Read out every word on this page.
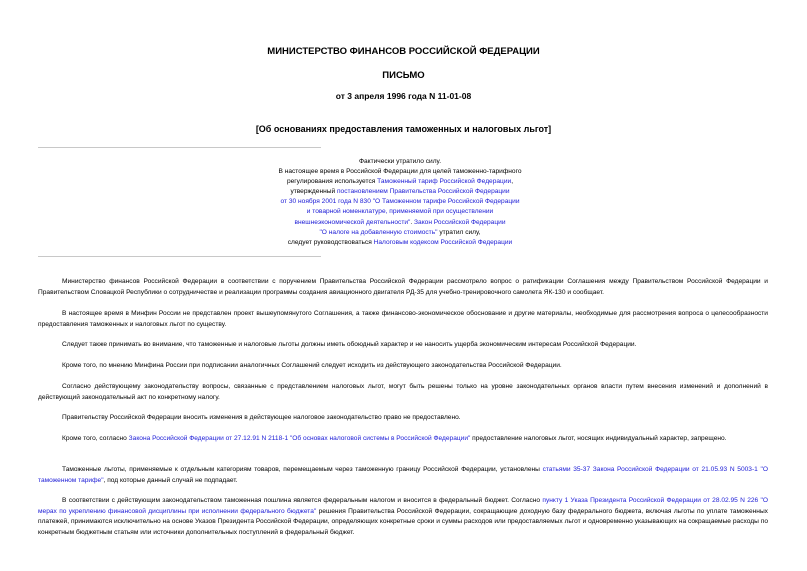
МИНИСТЕРСТВО ФИНАНСОВ РОССИЙСКОЙ ФЕДЕРАЦИИ
ПИСЬМО
от 3 апреля 1996 года N 11-01-08
[Об основаниях предоставления таможенных и налоговых льгот]
Фактически утратило силу.
В настоящее время в Российской Федерации для целей таможенно-тарифного
регулирования используется Таможенный тариф Российской Федерации,
утвержденный постановлением Правительства Российской Федерации
от 30 ноября 2001 года N 830 "О Таможенном тарифе Российской Федерации
и товарной номенклатуре, применяемой при осуществлении
внешнеэкономической деятельности". Закон Российской Федерации
"О налоге на добавленную стоимость" утратил силу,
следует руководствоваться Налоговым кодексом Российской Федерации
Министерство финансов Российской Федерации в соответствии с поручением Правительства Российской Федерации рассмотрело вопрос о ратификации Соглашения между Правительством Российской Федерации и Правительством Словацкой Республики о сотрудничестве и реализации программы создания авиационного двигателя РД-35 для учебно-тренировочного самолета ЯК-130 и сообщает.
В настоящее время в Минфин России не представлен проект вышеупомянутого Соглашения, а также финансово-экономическое обоснование и другие материалы, необходимые для рассмотрения вопроса о целесообразности предоставления таможенных и налоговых льгот по существу.
Следует также принимать во внимание, что таможенные и налоговые льготы должны иметь обоюдный характер и не наносить ущерба экономическим интересам Российской Федерации.
Кроме того, по мнению Минфина России при подписании аналогичных Соглашений следует исходить из действующего законодательства Российской Федерации.
Согласно действующему законодательству вопросы, связанные с представлением налоговых льгот, могут быть решены только на уровне законодательных органов власти путем внесения изменений и дополнений в действующий законодательный акт по конкретному налогу.
Правительству Российской Федерации вносить изменения в действующее налоговое законодательство право не предоставлено.
Кроме того, согласно Закона Российской Федерации от 27.12.91 N 2118-1 "Об основах налоговой системы в Российской Федерации" предоставление налоговых льгот, носящих индивидуальный характер, запрещено.
Таможенные льготы, применяемые к отдельным категориям товаров, перемещаемым через таможенную границу Российской Федерации, установлены статьями 35-37 Закона Российской Федерации от 21.05.93 N 5003-1 "О таможенном тарифе", под которые данный случай не подпадает.
В соответствии с действующим законодательством таможенная пошлина является федеральным налогом и вносится в федеральный бюджет. Согласно пункту 1 Указа Президента Российской Федерации от 28.02.95 N 226 "О мерах по укреплению финансовой дисциплины при исполнении федерального бюджета" решения Правительства Российской Федерации, сокращающие доходную базу федерального бюджета, включая льготы по уплате таможенных платежей, принимаются исключительно на основе Указов Президента Российской Федерации, определяющих конкретные сроки и суммы расходов или предоставляемых льгот и одновременно указывающих на сокращаемые расходы по конкретным бюджетным статьям или источники дополнительных поступлений в федеральный бюджет.
